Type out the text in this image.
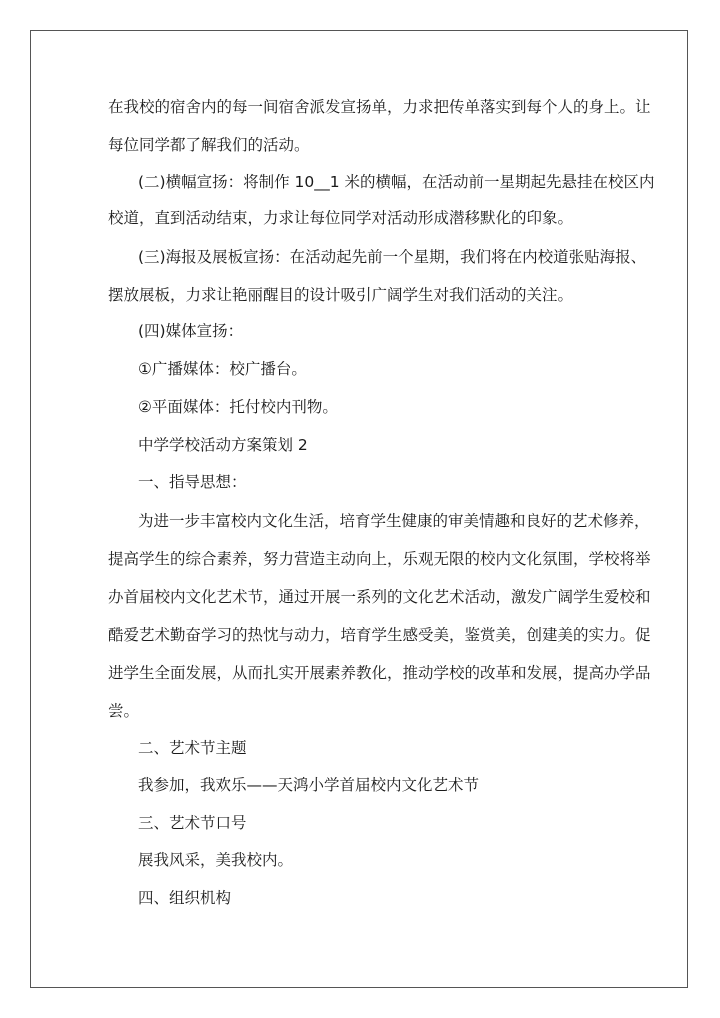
在我校的宿舍内的每一间宿舍派发宣扬单，力求把传单落实到每个人的身上。让
每位同学都了解我们的活动。
(二)横幅宣扬：将制作 10__1 米的横幅，在活动前一星期起先悬挂在校区内
校道，直到活动结束，力求让每位同学对活动形成潜移默化的印象。
(三)海报及展板宣扬：在活动起先前一个星期，我们将在内校道张贴海报、
摆放展板，力求让艳丽醒目的设计吸引广阔学生对我们活动的关注。
(四)媒体宣扬：
①广播媒体：校广播台。
②平面媒体：托付校内刊物。
中学学校活动方案策划 2
一、指导思想：
为进一步丰富校内文化生活，培育学生健康的审美情趣和良好的艺术修养，
提高学生的综合素养，努力营造主动向上，乐观无限的校内文化氛围，学校将举
办首届校内文化艺术节，通过开展一系列的文化艺术活动，激发广阔学生爱校和
酷爱艺术勤奋学习的热忱与动力，培育学生感受美，鉴赏美，创建美的实力。促
进学生全面发展，从而扎实开展素养教化，推动学校的改革和发展，提高办学品
尝。
二、艺术节主题
我参加，我欢乐——天鸿小学首届校内文化艺术节
三、艺术节口号
展我风采，美我校内。
四、组织机构
